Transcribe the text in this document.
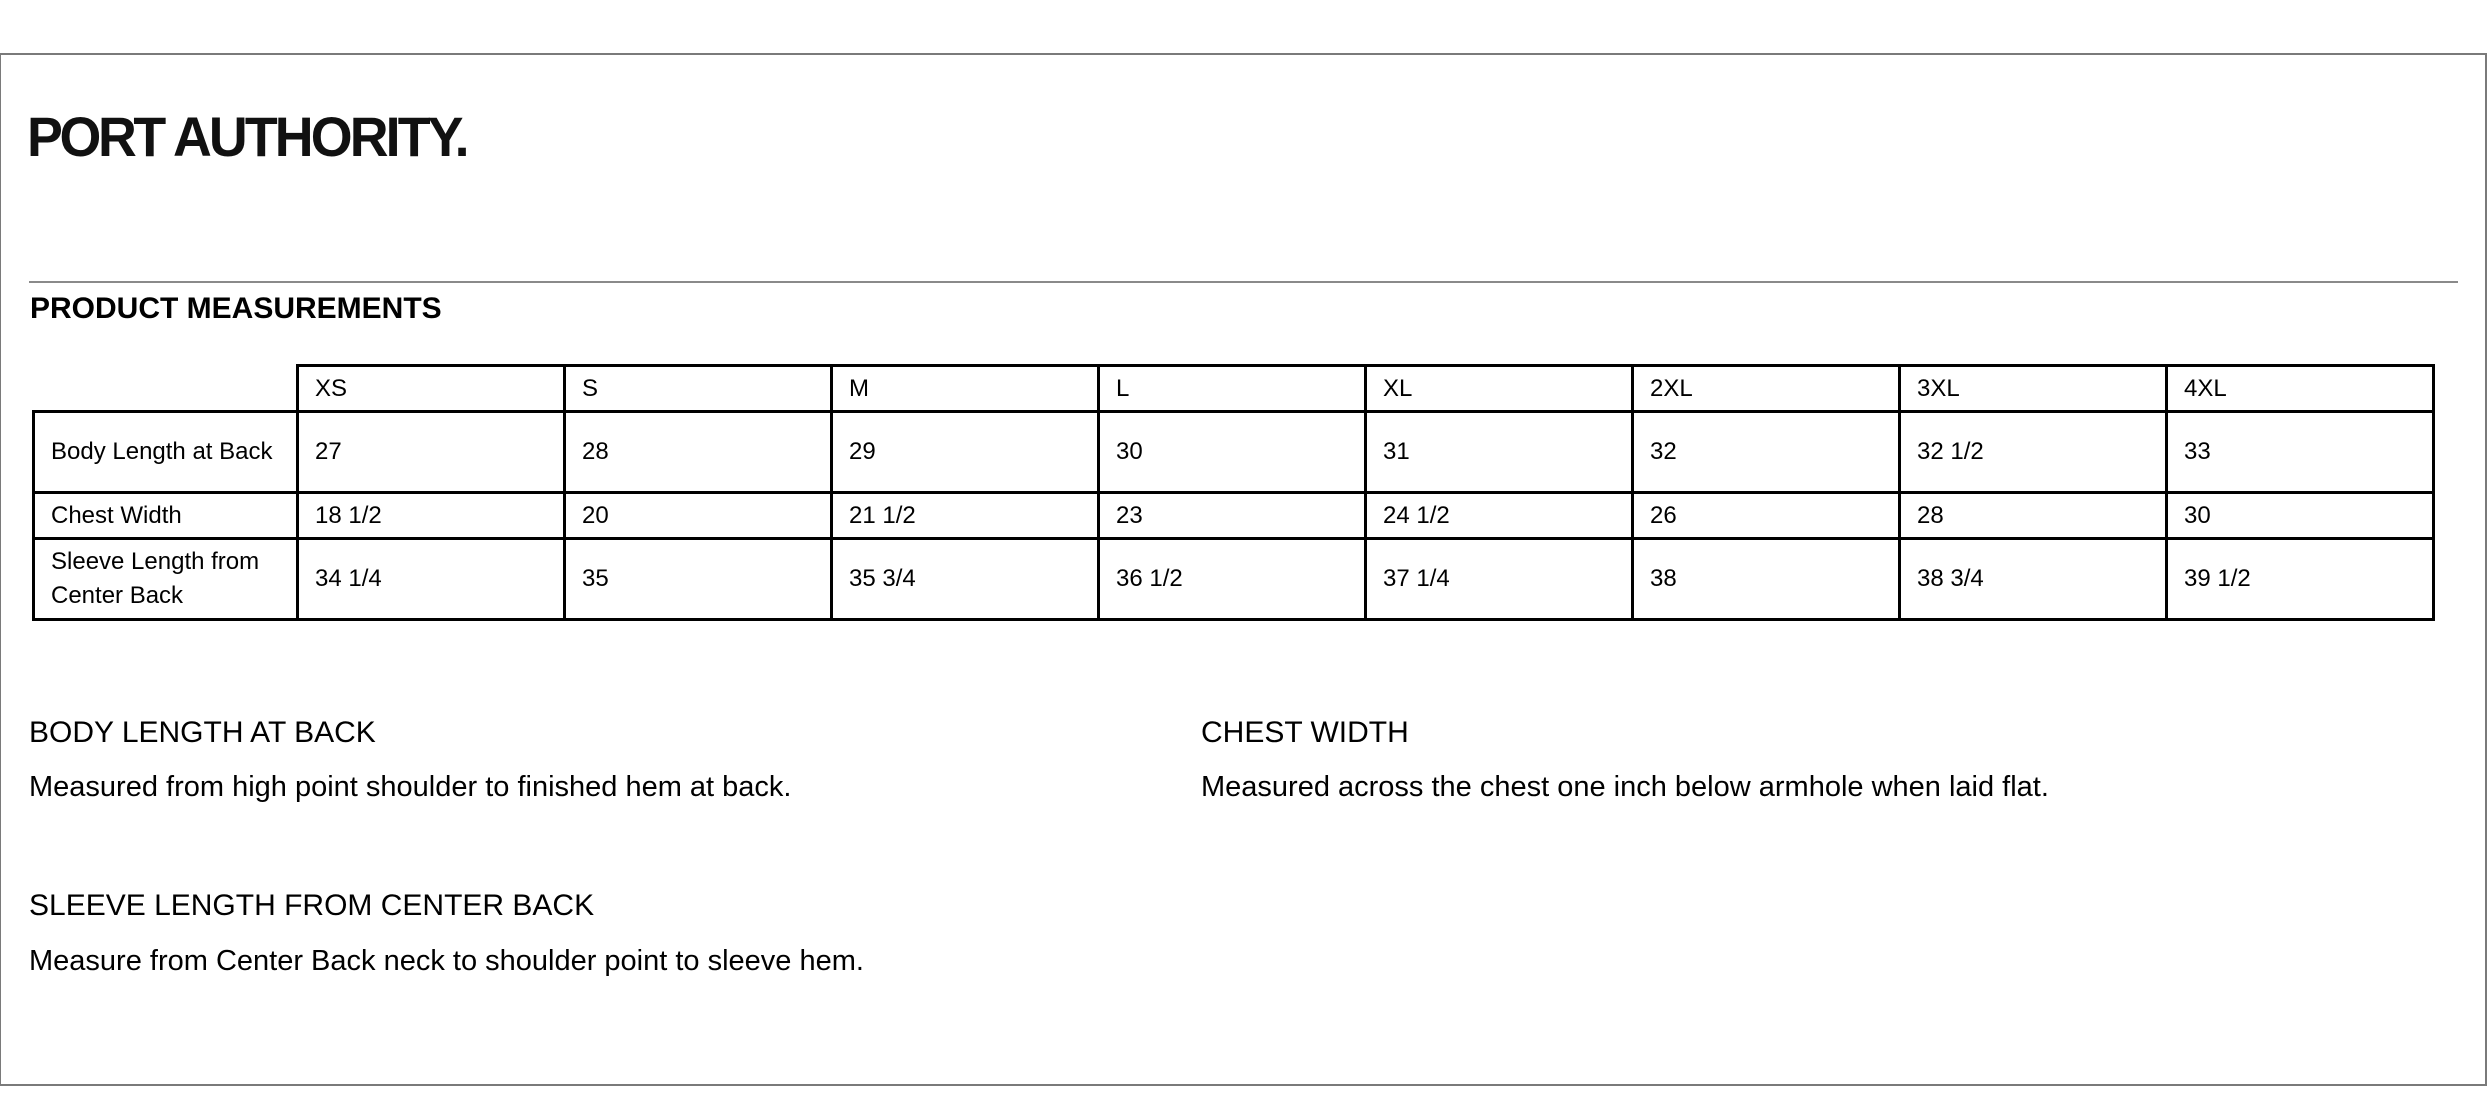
PORT AUTHORITY.
PRODUCT MEASUREMENTS
	XS	S	M	L	XL	2XL	3XL	4XL
Body Length at Back	27	28	29	30	31	32	32 1/2	33
Chest Width	18 1/2	20	21 1/2	23	24 1/2	26	28	30
Sleeve Length from Center Back	34 1/4	35	35 3/4	36 1/2	37 1/4	38	38 3/4	39 1/2
BODY LENGTH AT BACK
Measured from high point shoulder to finished hem at back.
CHEST WIDTH
Measured across the chest one inch below armhole when laid flat.
SLEEVE LENGTH FROM CENTER BACK
Measure from Center Back neck to shoulder point to sleeve hem.
